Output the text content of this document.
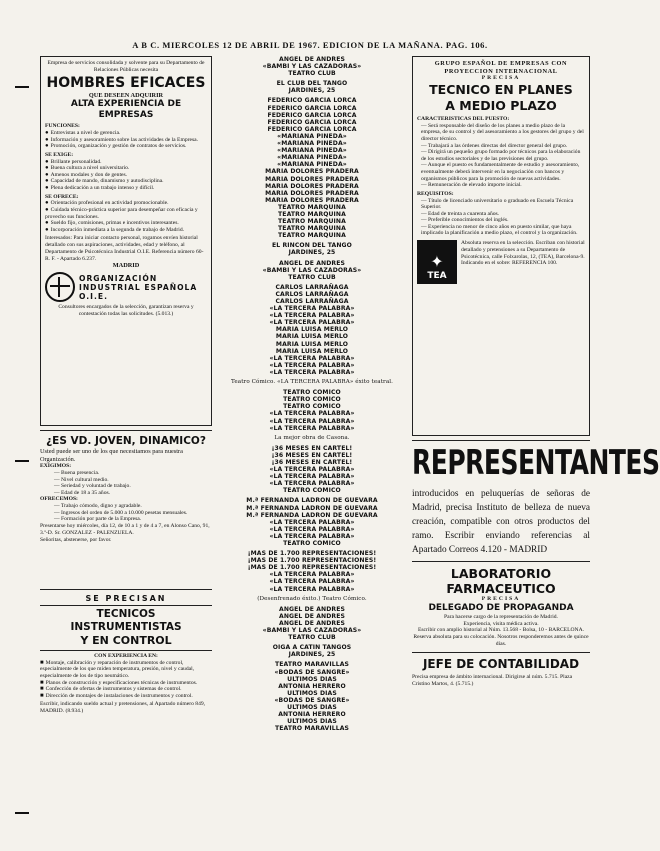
A B C. MIERCOLES 12 DE ABRIL DE 1967. EDICION DE LA MAÑANA. PAG. 106.
Empresa de servicios consolidada y solvente para su Departamento de Relaciones Públicas necesita
HOMBRES EFICACES
QUE DESEEN ADQUIRIR
ALTA EXPERIENCIA DE EMPRESAS
FUNCIONES:
● Entrevistas a nivel de gerencia.
● Información y asesoramiento sobre las actividades de la Empresa.
● Promoción, organización y gestión de contratos de servicios.
SE EXIGE:
● Brillante personalidad.
● Buena cultura a nivel universitario.
● Amenos modales y don de gentes.
● Capacidad de mando, dinamismo y autodisciplina.
● Plena dedicación a un trabajo intenso y difícil.
SE OFRECE:
● Orientación profesional en actividad promocionable.
● Cuidada técnico-práctica superior para desempeñar con eficacia y provecho sus funciones.
● Sueldo fijo, comisiones, primas e incentivos interesantes.
● Incorporación inmediata a la segunda de trabajo de Madrid.
Interesados: Para iniciar contacto personal, rogamos envíen historial detallado con sus aspiraciones, actividades, edad y teléfono, al Departamento de Psicotécnica Industrial O.I.E. Referencia número 60-R. F. - Apartado 6.237.
MADRID
ORGANIZACIÓN INDUSTRIAL ESPAÑOLA O.I.E.
Consultores encargados de la selección, garantizan reserva y contestación todas las solicitudes. (5.013.)
¿ES VD. JOVEN, DINAMICO?
Usted puede ser uno de los que necesitamos para nuestra Organización.
EXIGIMOS:
— Buena presencia.
— Nivel cultural medio.
— Seriedad y voluntad de trabajo.
— Edad de 18 a 35 años.
OFRECEMOS:
— Trabajo cómodo, digno y agradable.
— Ingresos del orden de 5.000 a 10.000 pesetas mensuales.
— Formación por parte de la Empresa.
Presentarse hoy miércoles, día 12, de 10 a 1 y de 4 a 7, en Alonso Cano, 91, 3.º-D. Sr. GONZALEZ - PALENZUELA.
Señoritas, abstenerse, por favor.
SE PRECISAN
TECNICOS INSTRUMENTISTAS
Y EN CONTROL
CON EXPERIENCIA EN:
■ Montaje, calibración y reparación de instrumentos de control, especialmente de los que miden temperatura, presión, nivel y caudal, especialmente de los de tipo neumático.
■ Planos de construcción y especificaciones técnicas de instrumentos.
■ Confección de ofertas de instrumentos y sistemas de control.
■ Dirección de montajes de instalaciones de instrumentos y control.
Escribir, indicando sueldo actual y pretensiones, al Apartado número 849, MADRID. (8.934.)
ANGEL DE ANDRES
«BAMBI Y LAS CAZADORAS»
TEATRO CLUB
EL CLUB DEL TANGO
JARDINES, 25
FEDERICO GARCIA LORCA
FEDERICO GARCIA LORCA
FEDERICO GARCIA LORCA
FEDERICO GARCIA LORCA
FEDERICO GARCIA LORCA
«MARIANA PINEDA»
«MARIANA PINEDA»
«MARIANA PINEDA»
«MARIANA PINEDA»
«MARIANA PINEDA»
MARIA DOLORES PRADERA
MARIA DOLORES PRADERA
MARIA DOLORES PRADERA
MARIA DOLORES PRADERA
MARIA DOLORES PRADERA
TEATRO MARQUINA
TEATRO MARQUINA
TEATRO MARQUINA
TEATRO MARQUINA
TEATRO MARQUINA
EL RINCON DEL TANGO
JARDINES, 25
ANGEL DE ANDRES
«BAMBI Y LAS CAZADORAS»
TEATRO CLUB
CARLOS LARRAÑAGA
CARLOS LARRAÑAGA
CARLOS LARRAÑAGA
«LA TERCERA PALABRA»
«LA TERCERA PALABRA»
«LA TERCERA PALABRA»
MARIA LUISA MERLO
MARIA LUISA MERLO
MARIA LUISA MERLO
MARIA LUISA MERLO
«LA TERCERA PALABRA»
«LA TERCERA PALABRA»
«LA TERCERA PALABRA»
Teatro Cómico. «LA TERCERA PALABRA» éxito teatral.
TEATRO COMICO
TEATRO COMICO
TEATRO COMICO
«LA TERCERA PALABRA»
«LA TERCERA PALABRA»
«LA TERCERA PALABRA»
La mejor obra de Casona.
¡36 MESES EN CARTEL!
¡36 MESES EN CARTEL!
¡36 MESES EN CARTEL!
«LA TERCERA PALABRA»
«LA TERCERA PALABRA»
«LA TERCERA PALABRA»
TEATRO COMICO
M.ª FERNANDA LADRON DE GUEVARA
M.ª FERNANDA LADRON DE GUEVARA
M.ª FERNANDA LADRON DE GUEVARA
«LA TERCERA PALABRA»
«LA TERCERA PALABRA»
«LA TERCERA PALABRA»
TEATRO COMICO
¡MAS DE 1.700 REPRESENTACIONES!
¡MAS DE 1.700 REPRESENTACIONES!
¡MAS DE 1.700 REPRESENTACIONES!
«LA TERCERA PALABRA»
«LA TERCERA PALABRA»
«LA TERCERA PALABRA»
(Desenfrenado éxito.) Teatro Cómico.
ANGEL DE ANDRES
ANGEL DE ANDRES
ANGEL DE ANDRES
«BAMBI Y LAS CAZADORAS»
TEATRO CLUB
OIGA A CATIN TANGOS
JARDINES, 25
TEATRO MARAVILLAS
«BODAS DE SANGRE»
ULTIMOS DIAS
ANTONIA HERRERO
ULTIMOS DIAS
«BODAS DE SANGRE»
ULTIMOS DIAS
ANTONIA HERRERO
ULTIMOS DIAS
TEATRO MARAVILLAS
GRUPO ESPAÑOL DE EMPRESAS CON PROYECCION INTERNACIONAL
PRECISA
TECNICO EN PLANES
A MEDIO PLAZO
CARACTERISTICAS DEL PUESTO:
— Será responsable del diseño de los planes a medio plazo de la empresa, de su control y del asesoramiento a los gestores del grupo y del director técnico.
— Trabajará a las órdenes directas del director general del grupo.
— Dirigirá un pequeño grupo formado por técnicos para la elaboración de los estudios sectoriales y de las previsiones del grupo.
— Aunque el puesto es fundamentalmente de estudio y asesoramiento, eventualmente deberá intervenir en la negociación con bancos y organismos públicos para la promoción de nuevas actividades.
— Remuneración de elevado importe inicial.
REQUISITOS:
— Título de licenciado universitario o graduado en Escuela Técnica Superior.
— Edad de treinta a cuarenta años.
— Preferible conocimientos del inglés.
— Experiencia no menor de cinco años en puesto similar, que haya implicado la planificación a medio plazo, el control y la organización.
✦
TEA
Absoluta reserva en la selección. Escriban con historial detallado y pretensiones a su Departamento de Psicotécnica, calle Folxarolas, 12, (TEA), Barcelona-9. Indicando en el sobre: REFERENCIA 100.
REPRESENTANTES
introducidos en peluquerías de señoras de Madrid, precisa Instituto de belleza de nueva creación, compatible con otros productos del ramo. Escribir enviando referencias al Apartado Correos 4.120 - MADRID
LABORATORIO
FARMACEUTICO
PRECISA
DELEGADO DE PROPAGANDA
Para hacerse cargo de la representación de Madrid.
Experiencia, visita médica activa.
Escribir con amplio historial al Núm. 13.568 - Bolsa, 10 - BARCELONA. Reserva absoluta para su colocación. Nosotros responderemos antes de quince días.
JEFE DE CONTABILIDAD
Precisa empresa de ámbito internacional. Dirigirse al núm. 5.715. Plaza Cristino Martos, 4. (5.715.)
